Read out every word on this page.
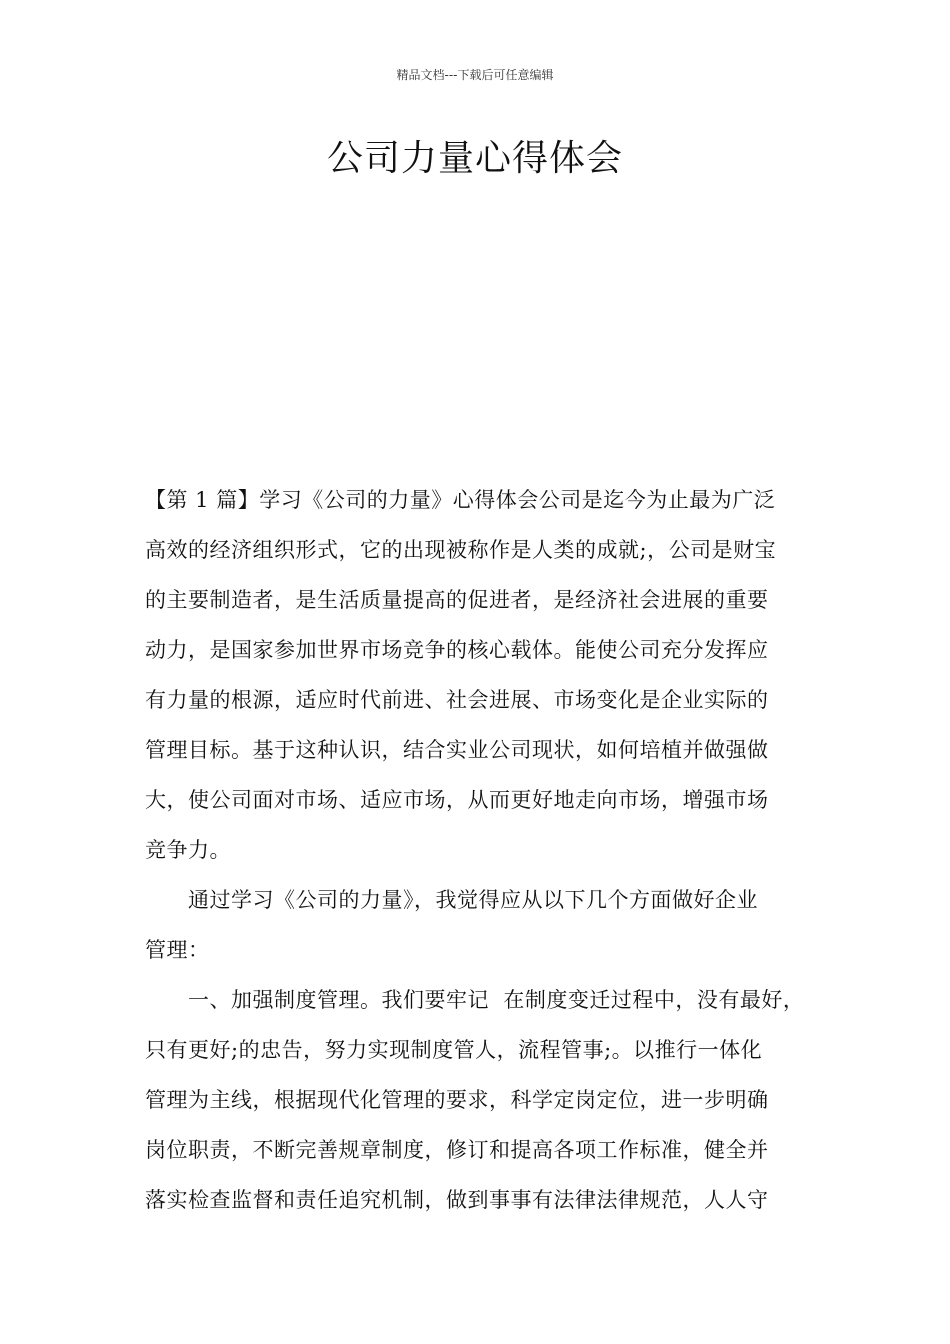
精品文档---下载后可任意编辑
公司力量心得体会
【第 1 篇】学习《公司的力量》心得体会公司是迄今为止最为广泛
高效的经济组织形式，它的出现被称作是人类的成就;，公司是财宝
的主要制造者，是生活质量提高的促进者，是经济社会进展的重要
动力，是国家参加世界市场竞争的核心载体。能使公司充分发挥应
有力量的根源，适应时代前进、社会进展、市场变化是企业实际的
管理目标。基于这种认识，结合实业公司现状，如何培植并做强做
大，使公司面对市场、适应市场，从而更好地走向市场，增强市场
竞争力。
通过学习《公司的力量》，我觉得应从以下几个方面做好企业
管理：
一、加强制度管理。我们要牢记  在制度变迁过程中，没有最好，
只有更好;的忠告，努力实现制度管人，流程管事;。以推行一体化
管理为主线，根据现代化管理的要求，科学定岗定位，进一步明确
岗位职责，不断完善规章制度，修订和提高各项工作标准，健全并
落实检查监督和责任追究机制，做到事事有法律法律规范，人人守
